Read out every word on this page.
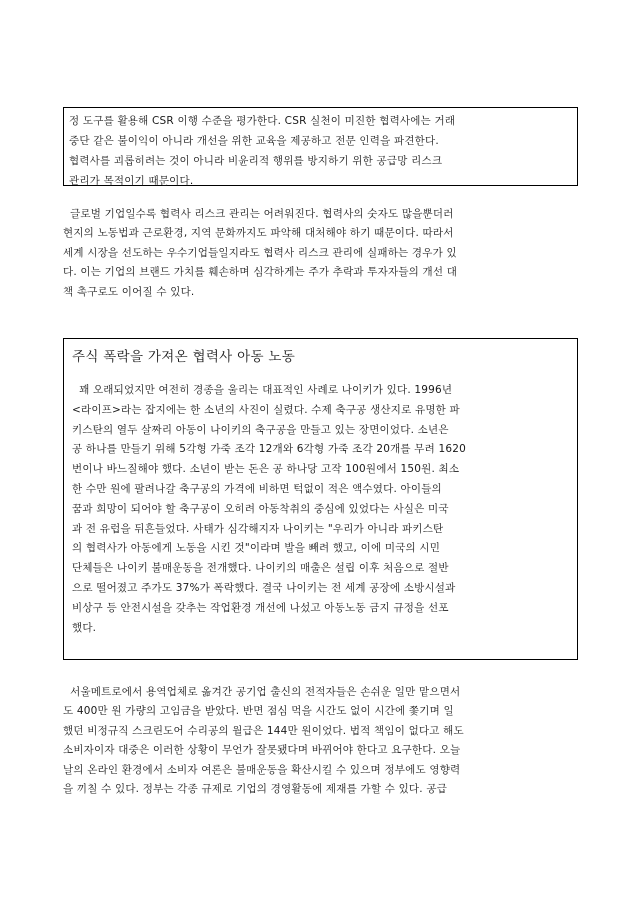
정 도구를 활용해 CSR 이행 수준을 평가한다. CSR 실천이 미진한 협력사에는 거래
중단 같은 불이익이 아니라 개선을 위한 교육을 제공하고 전문 인력을 파견한다.
협력사를 괴롭히려는 것이 아니라 비윤리적 행위를 방지하기 위한 공급망 리스크
관리가 목적이기 때문이다.
글로벌 기업일수록 협력사 리스크 관리는 어려워진다. 협력사의 숫자도 많을뿐더러
현지의 노동법과 근로환경, 지역 문화까지도 파악해 대처해야 하기 때문이다. 따라서
세계 시장을 선도하는 우수기업들일지라도 협력사 리스크 관리에 실패하는 경우가 있
다. 이는 기업의 브랜드 가치를 훼손하며 심각하게는 주가 추락과 투자자들의 개선 대
책 촉구로도 이어질 수 있다.
주식 폭락을 가져온 협력사 아동 노동
꽤 오래되었지만 여전히 경종을 울리는 대표적인 사례로 나이키가 있다. 1996년
<라이프>라는 잡지에는 한 소년의 사진이 실렸다. 수제 축구공 생산지로 유명한 파
키스탄의 열두 살짜리 아동이 나이키의 축구공을 만들고 있는 장면이었다. 소년은
공 하나를 만들기 위해 5각형 가죽 조각 12개와 6각형 가죽 조각 20개를 무려 1620
번이나 바느질해야 했다. 소년이 받는 돈은 공 하나당 고작 100원에서 150원. 최소
한 수만 원에 팔려나갈 축구공의 가격에 비하면 턱없이 적은 액수였다. 아이들의
꿈과 희망이 되어야 할 축구공이 오히려 아동착취의 중심에 있었다는 사실은 미국
과 전 유럽을 뒤흔들었다. 사태가 심각해지자 나이키는 "우리가 아니라 파키스탄
의 협력사가 아동에게 노동을 시킨 것"이라며 발을 빼려 했고, 이에 미국의 시민
단체들은 나이키 불매운동을 전개했다. 나이키의 매출은 설립 이후 처음으로 절반
으로 떨어졌고 주가도 37%가 폭락했다. 결국 나이키는 전 세계 공장에 소방시설과
비상구 등 안전시설을 갖추는 작업환경 개선에 나섰고 아동노동 금지 규정을 선포
했다.
서울메트로에서 용역업체로 옮겨간 공기업 출신의 전적자들은 손쉬운 일만 맡으면서
도 400만 원 가량의 고임금을 받았다. 반면 점심 먹을 시간도 없이 시간에 쫓기며 일
했던 비정규직 스크린도어 수리공의 월급은 144만 원이었다. 법적 책임이 없다고 해도
소비자이자 대중은 이러한 상황이 무언가 잘못됐다며 바뀌어야 한다고 요구한다. 오늘
날의 온라인 환경에서 소비자 여론은 불매운동을 확산시킬 수 있으며 정부에도 영향력
을 끼칠 수 있다. 정부는 각종 규제로 기업의 경영활동에 제재를 가할 수 있다. 공급
